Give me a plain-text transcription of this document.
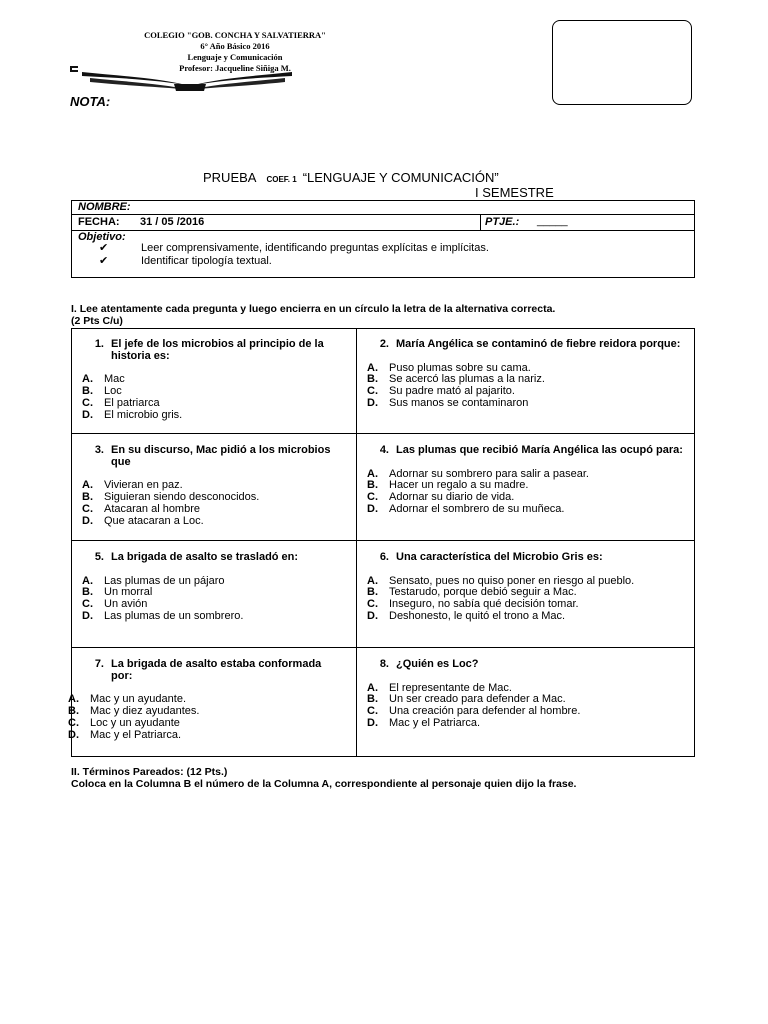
COLEGIO "GOB. CONCHA Y SALVATIERRA"
6° Año Básico 2016
Lenguaje y Comunicación
Profesor: Jacqueline Siñiga M.
NOTA:
PRUEBA COEF. 1 “LENGUAJE Y COMUNICACIÓN”
I SEMESTRE
NOMBRE:
FECHA: 31 / 05 /2016	PTJE.: _____
Objetivo:
✔	Leer comprensivamente, identificando preguntas explícitas e implícitas.
✔	Identificar tipología textual.
I. Lee atentamente cada pregunta y luego encierra en un círculo la letra de la alternativa correcta.
(2 Pts C/u)
1. El jefe de los microbios al principio de la historia es:
A.	Mac
B.	Loc
C.	El patriarca
D.	El microbio gris.
2. María Angélica se contaminó de fiebre reidora porque:
A.	Puso plumas sobre su cama.
B.	Se acercó las plumas a la nariz.
C.	Su padre mató al pajarito.
D.	Sus manos se contaminaron
3. En su discurso, Mac pidió a los microbios que
A.	Vivieran en paz.
B.	Siguieran siendo desconocidos.
C.	Atacaran al hombre
D.	Que atacaran a Loc.
4. Las plumas que recibió María Angélica las ocupó para:
A.	Adornar su sombrero para salir a pasear.
B.	Hacer un regalo a su madre.
C.	Adornar su diario de vida.
D.	Adornar el sombrero de su muñeca.
5. La brigada de asalto se trasladó en:
A.	Las plumas de un pájaro
B.	Un morral
C.	Un avión
D.	Las plumas de un sombrero.
6. Una característica del Microbio Gris es:
A.	Sensato, pues no quiso poner en riesgo al pueblo.
B.	Testarudo, porque debió seguir a Mac.
C.	Inseguro, no sabía qué decisión tomar.
D.	Deshonesto, le quitó el trono a Mac.
7. La brigada de asalto estaba conformada por:
A.	Mac y un ayudante.
B.	Mac y diez ayudantes.
C.	Loc y un ayudante
D.	Mac y el Patriarca.
8. ¿Quién es Loc?
A.	El representante de Mac.
B.	Un ser creado para defender a Mac.
C.	Una creación para defender al hombre.
D.	Mac y el Patriarca.
II. Términos Pareados: (12 Pts.)
Coloca en la Columna B el número de la Columna A, correspondiente al personaje quien dijo la frase.
